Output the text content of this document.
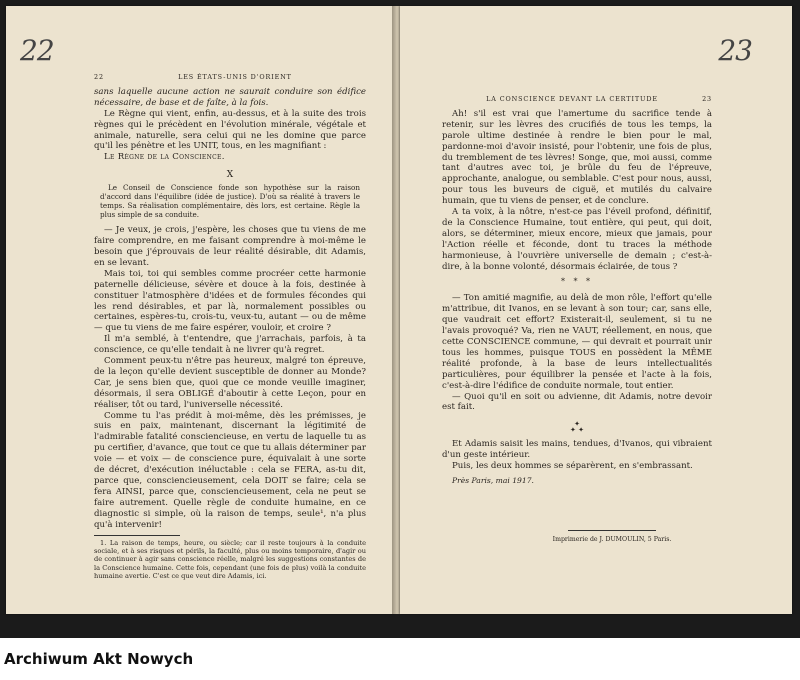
22
22	LES ÉTATS-UNIS D'ORIENT

sans laquelle aucune action ne saurait conduire son édifice nécessaire, de base et de faîte, à la fois.

Le Règne qui vient, enfin, au-dessus, et à la suite des trois règnes qui le précèdent en l'évolution minérale, végétale et animale, naturelle, sera celui qui ne les domine que parce qu'il les pénètre et les UNIT, tous, en les magnifiant :

Le Règne de la Conscience.

X

Le Conseil de Conscience fonde son hypothèse sur la raison d'accord dans l'équilibre (idée de justice). D'où sa réalité à travers le temps. Sa réalisation complémentaire, dès lors, est certaine. Règle la plus simple de sa conduite.

— Je veux, je crois, j'espère, les choses que tu viens de me faire comprendre, en me faisant comprendre à moi-même le besoin que j'éprouvais de leur réalité désirable, dit Adamis, en se levant.

Mais toi, toi qui sembles comme procréer cette harmonie paternelle délicieuse, sévère et douce à la fois, destinée à constituer l'atmosphère d'idées et de formules fécondes qui les rend désirables, et par là, normalement possibles ou certaines, espères-tu, crois-tu, veux-tu, autant — ou de même — que tu viens de me faire espérer, vouloir, et croire ?

Il m'a semblé, à t'entendre, que j'arrachais, parfois, à ta conscience, ce qu'elle tendait à ne livrer qu'à regret.

Comment peux-tu n'être pas heureux, malgré ton épreuve, de la leçon qu'elle devient susceptible de donner au Monde? Car, je sens bien que, quoi que ce monde veuille imaginer, désormais, il sera OBLIGÉ d'aboutir à cette Leçon, pour en réaliser, tôt ou tard, l'universelle nécessité.

Comme tu l'as prédit à moi-même, dès les prémisses, je suis en paix, maintenant, discernant la légitimité de l'admirable fatalité consciencieuse, en vertu de laquelle tu as pu certifier, d'avance, que tout ce que tu allais déterminer par voie — et voix — de conscience pure, équivalait à une sorte de décret, d'exécution inéluctable : cela se FERA, as-tu dit, parce que, consciencieusement, cela DOIT se faire; cela se fera AINSI, parce que, consciencieusement, cela ne peut se faire autrement. Quelle règle de conduite humaine, en ce diagnostic si simple, où la raison de temps, seule¹, n'a plus qu'à intervenir!

1. La raison de temps, heure, ou siècle; car il reste toujours à la conduite sociale, et à ses risques et périls, la faculté, plus ou moins temporaire, d'agir ou de continuer à agir sans conscience réelle, malgré les suggestions constantes de la Conscience humaine. Cette fois, cependant (une fois de plus) voilà la conduite humaine avertie. C'est ce que veut dire Adamis, ici.

23
LA CONSCIENCE DEVANT LA CERTITUDE	23

Ah! s'il est vrai que l'amertume du sacrifice tende à retenir, sur les lèvres des crucifiés de tous les temps, la parole ultime destinée à rendre le bien pour le mal, pardonne-moi d'avoir insisté, pour l'obtenir, une fois de plus, du tremblement de tes lèvres! Songe, que, moi aussi, comme tant d'autres avec toi, je brûle du feu de l'épreuve, approchante, analogue, ou semblable. C'est pour nous, aussi, pour tous les buveurs de ciguë, et mutilés du calvaire humain, que tu viens de penser, et de conclure.

A ta voix, à la nôtre, n'est-ce pas l'éveil profond, définitif, de la Conscience Humaine, tout entière, qui peut, qui doit, alors, se déterminer, mieux encore, mieux que jamais, pour l'Action réelle et féconde, dont tu traces la méthode harmonieuse, à l'ouvrière universelle de demain ; c'est-à-dire, à la bonne volonté, désormais éclairée, de tous ?

* * *

— Ton amitié magnifie, au delà de mon rôle, l'effort qu'elle m'attribue, dit Ivanos, en se levant à son tour; car, sans elle, que vaudrait cet effort? Existerait-il, seulement, si tu ne l'avais provoqué? Va, rien ne VAUT, réellement, en nous, que cette CONSCIENCE commune, — qui devrait et pourrait unir tous les hommes, puisque TOUS en possèdent la MÊME réalité profonde, à la base de leurs intellectualités particulières, pour équilibrer la pensée et l'acte à la fois, c'est-à-dire l'édifice de conduite normale, tout entier.

— Quoi qu'il en soit ou advienne, dit Adamis, notre devoir est fait.

✦
✦ ✦

Et Adamis saisit les mains, tendues, d'Ivanos, qui vibraient d'un geste intérieur.

Puis, les deux hommes se séparèrent, en s'embrassant.

Près Paris, mai 1917.
Imprimerie de J. DUMOULIN, 5 Paris.
Archiwum Akt Nowych
